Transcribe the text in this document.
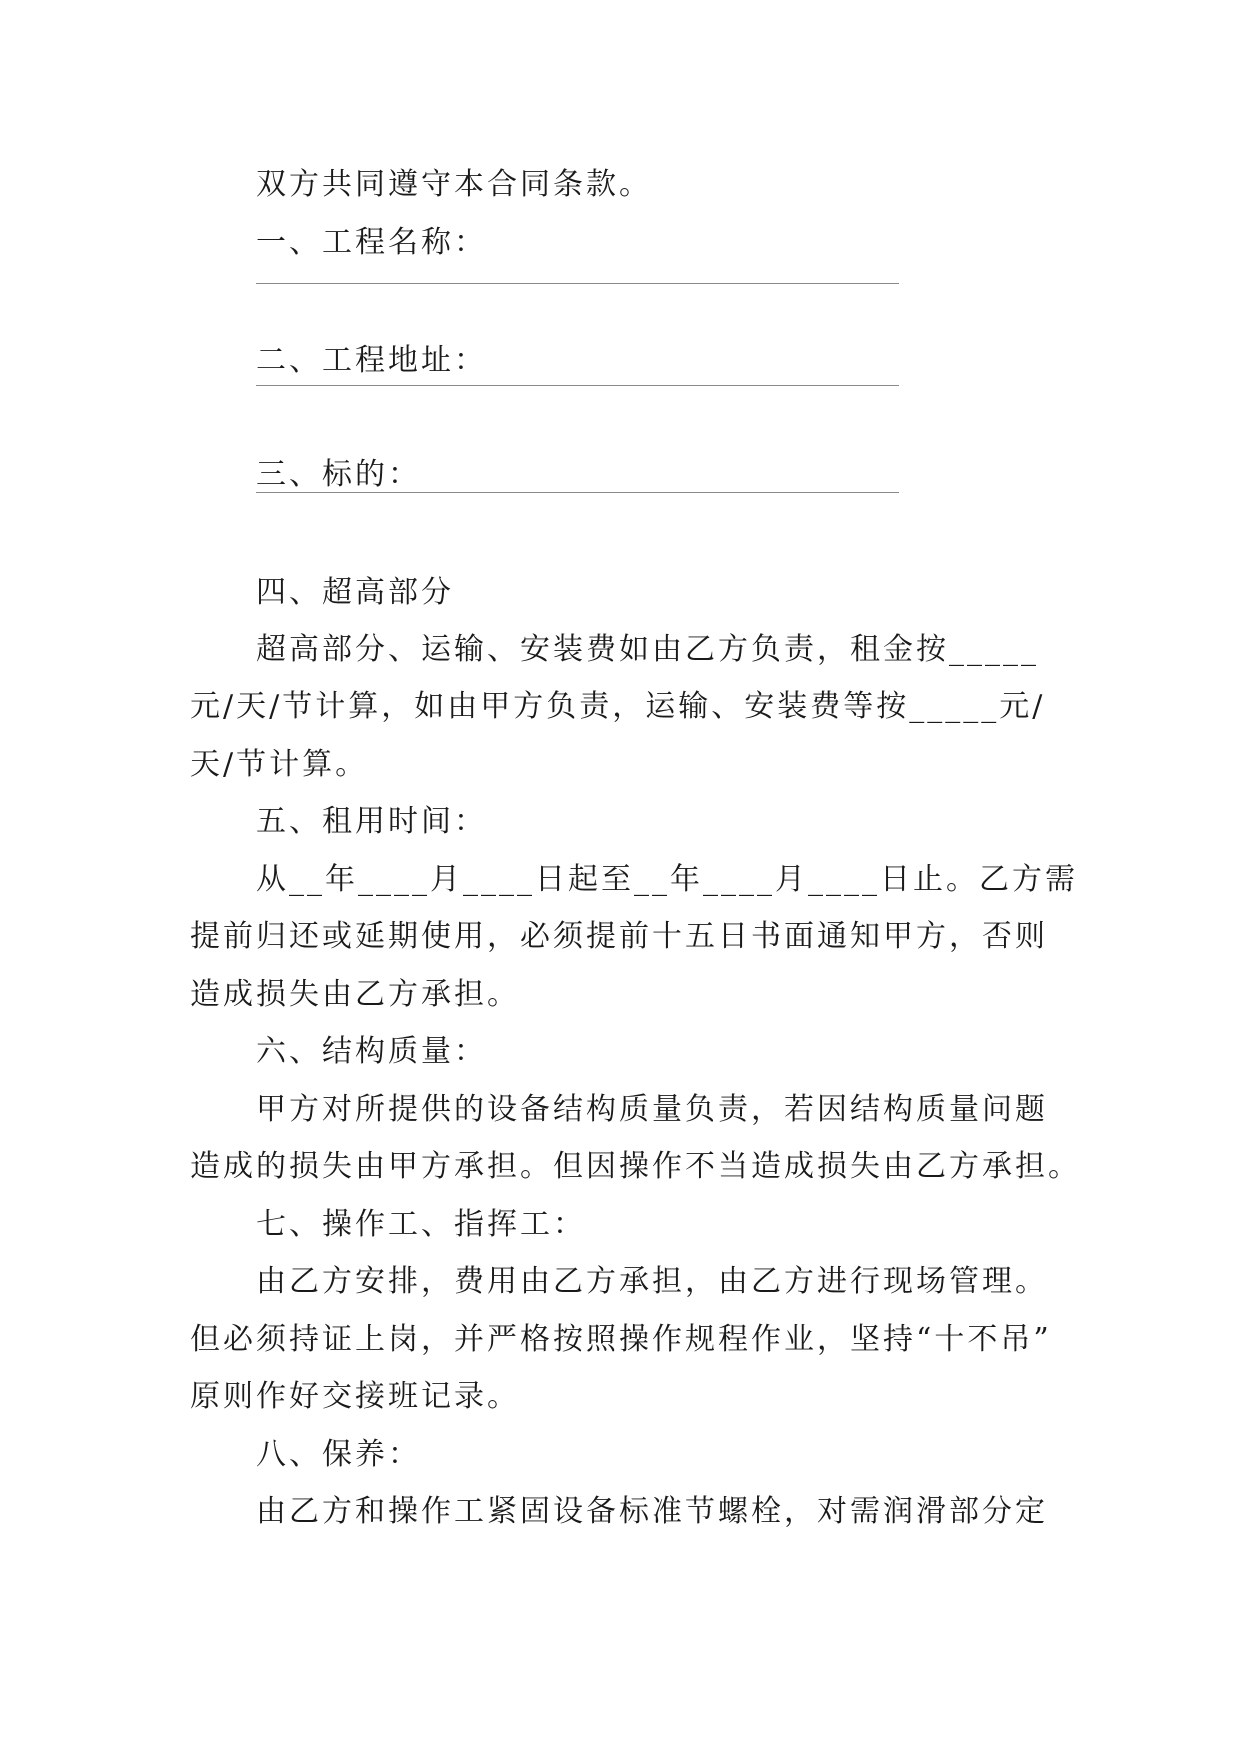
双方共同遵守本合同条款。
一、工程名称：
二、工程地址：
三、标的：
四、超高部分
超高部分、运输、安装费如由乙方负责，租金按_____
元/天/节计算，如由甲方负责，运输、安装费等按_____元/
天/节计算。
五、租用时间：
从__年____月____日起至__年____月____日止。乙方需
提前归还或延期使用，必须提前十五日书面通知甲方，否则
造成损失由乙方承担。
六、结构质量：
甲方对所提供的设备结构质量负责，若因结构质量问题
造成的损失由甲方承担。但因操作不当造成损失由乙方承担。
七、操作工、指挥工：
由乙方安排，费用由乙方承担，由乙方进行现场管理。
但必须持证上岗，并严格按照操作规程作业，坚持“十不吊”
原则作好交接班记录。
八、保养：
由乙方和操作工紧固设备标准节螺栓，对需润滑部分定
